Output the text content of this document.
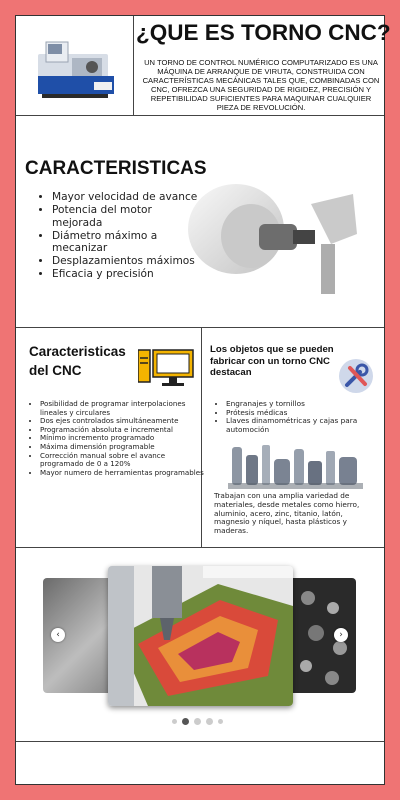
¿QUE ES TORNO CNC?

UN TORNO DE CONTROL NUMÉRICO COMPUTARIZADO ES UNA MÁQUINA DE ARRANQUE DE VIRUTA, CONSTRUIDA CON CARACTERÍSTICAS MECÁNICAS TALES QUE, COMBINADAS CON CNC, OFREZCA UNA SEGURIDAD DE RIGIDEZ, PRECISIÓN Y REPETIBILIDAD SUFICIENTES PARA MAQUINAR CUALQUIER PIEZA DE REVOLUCIÓN.

CARACTERISTICAS
• Mayor velocidad de avance
• Potencia del motor mejorada
• Diámetro máximo a mecanizar
• Desplazamientos máximos
• Eficacia y precisión
Caracteristicas del CNC
• Posibilidad de programar interpolaciones lineales y circulares
• Dos ejes controlados simultáneamente
• Programación absoluta e incremental
• Mínimo incremento programado
• Máxima dimensión programable
• Corrección manual sobre el avance programado de 0 a 120%
• Mayor numero de herramientas programables
Los objetos que se pueden fabricar con un torno CNC destacan
• Engranajes y tornillos
• Prótesis médicas
• Llaves dinamométricas y cajas para automoción

Trabajan con una amplia variedad de materiales, desde metales como hierro, aluminio, acero, zinc, titanio, latón, magnesio y níquel, hasta plásticos y maderas.

‹	›
